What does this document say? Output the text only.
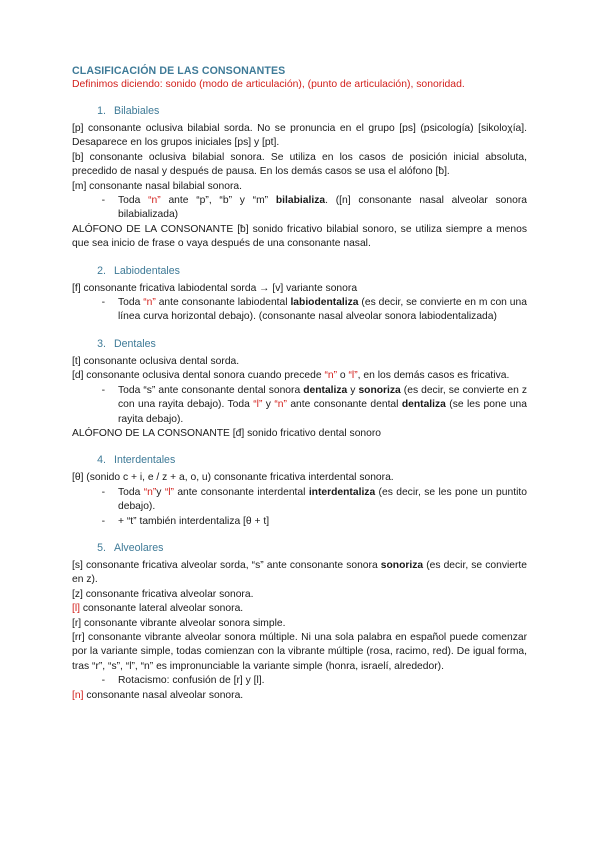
CLASIFICACIÓN DE LAS CONSONANTES
Definimos diciendo: sonido (modo de articulación), (punto de articulación), sonoridad.
1. Bilabiales

[p] consonante oclusiva bilabial sorda. No se pronuncia en el grupo [ps] (psicología) [sikoloχía]. Desaparece en los grupos iniciales [ps] y [pt].

[b] consonante oclusiva bilabial sonora. Se utiliza en los casos de posición inicial absoluta, precedido de nasal y después de pausa. En los demás casos se usa el alófono [ƀ].

[m] consonante nasal bilabial sonora.

-	Toda “n” ante “p”, “b” y “m” bilabializa. ([n] consonante nasal alveolar sonora bilabializada)

ALÓFONO DE LA CONSONANTE [ƀ] sonido fricativo bilabial sonoro, se utiliza siempre a menos que sea inicio de frase o vaya después de una consonante nasal.

2. Labiodentales

[f] consonante fricativa labiodental sorda → [v] variante sonora

-	Toda “n” ante consonante labiodental labiodentaliza (es decir, se convierte en m con una línea curva horizontal debajo). (consonante nasal alveolar sonora labiodentalizada)
3. Dentales

[t] consonante oclusiva dental sorda.

[d] consonante oclusiva dental sonora cuando precede “n” o “l”, en los demás casos es fricativa.

-	Toda “s” ante consonante dental sonora dentaliza y sonoriza (es decir, se convierte en z con una rayita debajo). Toda “l” y “n” ante consonante dental dentaliza (se les pone una rayita debajo).

ALÓFONO DE LA CONSONANTE [đ] sonido fricativo dental sonoro

4. Interdentales

[θ] (sonido c + i, e / z + a, o, u) consonante fricativa interdental sonora.

-	Toda “n”y “l” ante consonante interdental interdentaliza (es decir, se les pone un puntito debajo).
-	+ “t” también interdentaliza [θ + t]
5. Alveolares

[s] consonante fricativa alveolar sorda, “s” ante consonante sonora sonoriza (es decir, se convierte en z).

[z] consonante fricativa alveolar sonora.

[l] consonante lateral alveolar sonora.

[r] consonante vibrante alveolar sonora simple.

[rr] consonante vibrante alveolar sonora múltiple. Ni una sola palabra en español puede comenzar por la variante simple, todas comienzan con la vibrante múltiple (rosa, racimo, red). De igual forma, tras “r”, “s”, “l”, “n” es impronunciable la variante simple (honra, israelí, alrededor).

-	Rotacismo: confusión de [r] y [l].

[n] consonante nasal alveolar sonora.
